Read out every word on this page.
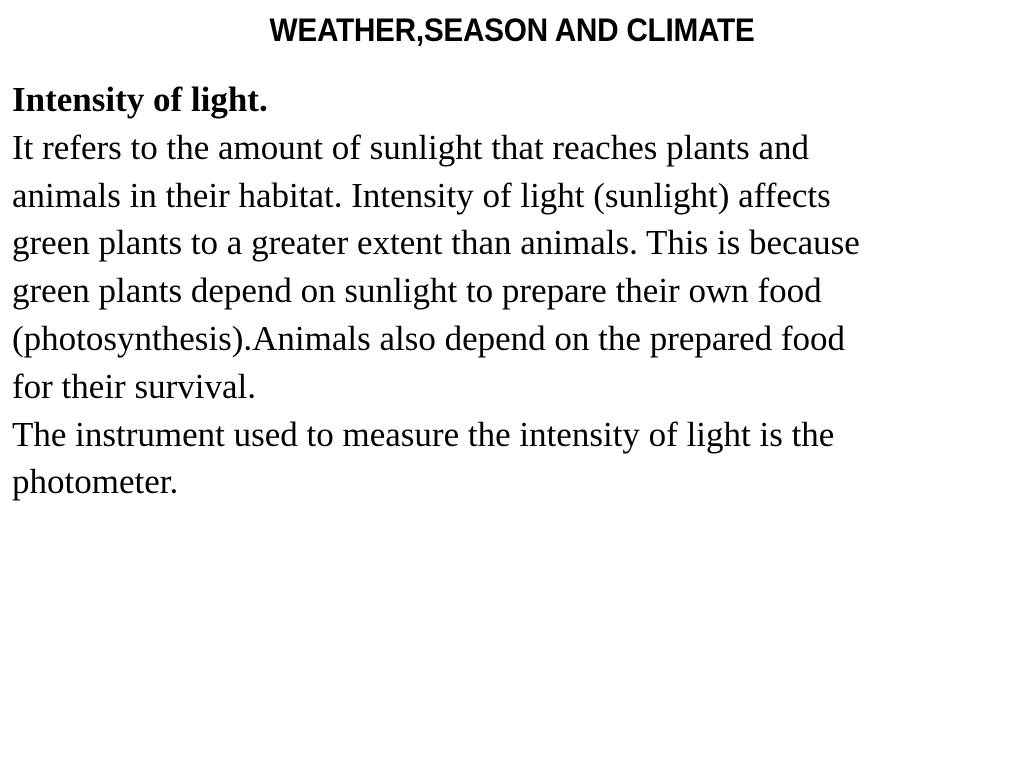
WEATHER,SEASON AND CLIMATE
Intensity of light.
It refers to the amount of sunlight that reaches plants and
animals in their habitat. Intensity of light (sunlight) affects
green plants to a greater extent than animals. This is because
green plants depend on sunlight to prepare their own food
(photosynthesis).Animals also depend on the prepared food
for their survival.
The instrument used to measure the intensity of light is the
photometer.
